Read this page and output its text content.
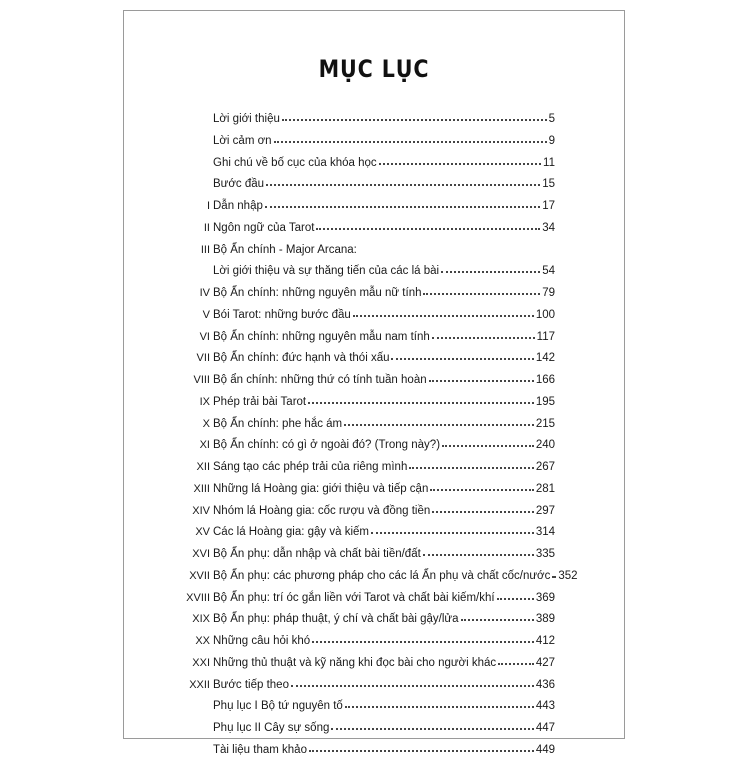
MỤC LỤC
Lời giới thiệu	5
Lời cảm ơn	9
Ghi chú về bố cục của khóa học	11
Bước đầu	15
I Dẫn nhập	17
II Ngôn ngữ của Tarot	34
III Bộ Ẩn chính - Major Arcana:
Lời giới thiệu và sự thăng tiến của các lá bài	54
IV Bộ Ẩn chính: những nguyên mẫu nữ tính	79
V Bói Tarot: những bước đầu	100
VI Bộ Ẩn chính: những nguyên mẫu nam tính	117
VII Bộ Ẩn chính: đức hạnh và thói xấu	142
VIII Bộ ẩn chính: những thứ có tính tuần hoàn	166
IX Phép trải bài Tarot	195
X Bộ Ẩn chính: phe hắc ám	215
XI Bộ Ẩn chính: có gì ở ngoài đó? (Trong này?)	240
XII Sáng tạo các phép trải của riêng mình	267
XIII Những lá Hoàng gia: giới thiệu và tiếp cận	281
XIV Nhóm lá Hoàng gia: cốc rượu và đồng tiền	297
XV Các lá Hoàng gia: gậy và kiếm	314
XVI Bộ Ẩn phụ: dẫn nhập và chất bài tiền/đất	335
XVII Bộ Ẩn phụ: các phương pháp cho các lá Ẩn phụ và chất cốc/nước 352
XVIII Bộ Ẩn phụ: trí óc gắn liền với Tarot và chất bài kiếm/khí	369
XIX Bộ Ẩn phụ: pháp thuật, ý chí và chất bài gậy/lửa	389
XX Những câu hỏi khó	412
XXI Những thủ thuật và kỹ năng khi đọc bài cho người khác	427
XXII Bước tiếp theo	436
Phụ lục I Bộ tứ nguyên tố	443
Phụ lục II Cây sự sống	447
Tài liệu tham khảo	449
